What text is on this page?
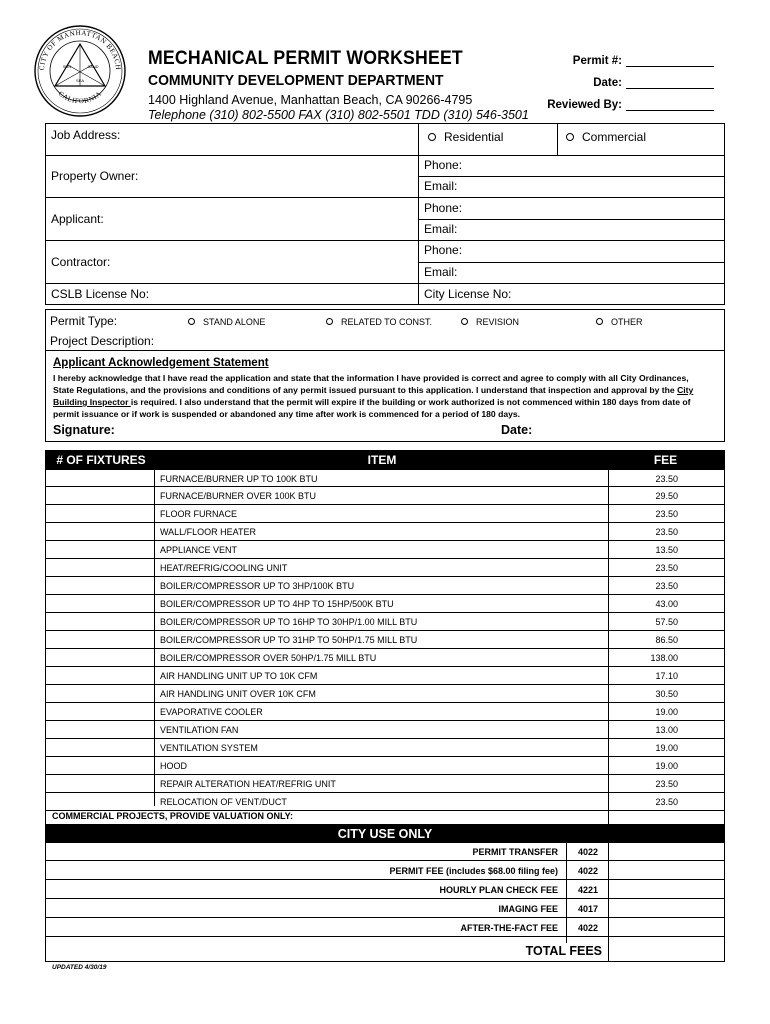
CITY OF MANHATTAN BEACH
CALIFORNIA
SUN	SAND
SEA
MECHANICAL PERMIT WORKSHEET
COMMUNITY DEVELOPMENT DEPARTMENT
1400 Highland Avenue, Manhattan Beach, CA 90266-4795
Telephone (310) 802-5500 FAX (310) 802-5501 TDD (310) 546-3501
Permit #:
Date:
Reviewed By:
Job Address:	Residential	Commercial
Property Owner:
Phone:
Email:
Applicant:
Phone:
Email:
Contractor:
Phone:
Email:
CSLB License No:	City License No:
Permit Type:	STAND ALONE	RELATED TO CONST.	REVISION	OTHER
Project Description:
Applicant Acknowledgement Statement
I hereby acknowledge that I have read the application and state that the information I have provided is correct and agree to comply with all City Ordinances,
State Regulations, and the provisions and conditions of any permit issued pursuant to this application. I understand that inspection and approval by the City
Building Inspector is required. I also understand that the permit will expire if the building or work authorized is not commenced within 180 days from date of
permit issuance or if work is suspended or abandoned any time after work is commenced for a period of 180 days.
Signature:	Date:
# OF FIXTURES	ITEM	FEE
FURNACE/BURNER UP TO 100K BTU	23.50
FURNACE/BURNER OVER 100K BTU	29.50
FLOOR FURNACE	23.50
WALL/FLOOR HEATER	23.50
APPLIANCE VENT	13.50
HEAT/REFRIG/COOLING UNIT	23.50
BOILER/COMPRESSOR UP TO 3HP/100K BTU	23.50
BOILER/COMPRESSOR UP TO 4HP TO 15HP/500K BTU	43.00
BOILER/COMPRESSOR UP TO 16HP TO 30HP/1.00 MILL BTU	57.50
BOILER/COMPRESSOR UP TO 31HP TO 50HP/1.75 MILL BTU	86.50
BOILER/COMPRESSOR OVER 50HP/1.75 MILL BTU	138.00
AIR HANDLING UNIT UP TO 10K CFM	17.10
AIR HANDLING UNIT OVER 10K CFM	30.50
EVAPORATIVE COOLER	19.00
VENTILATION FAN	13.00
VENTILATION SYSTEM	19.00
HOOD	19.00
REPAIR ALTERATION HEAT/REFRIG UNIT	23.50
RELOCATION OF VENT/DUCT	23.50
COMMERCIAL PROJECTS, PROVIDE VALUATION ONLY:
CITY USE ONLY
PERMIT TRANSFER	4022
PERMIT FEE (includes $68.00 filing fee)	4022
HOURLY PLAN CHECK FEE	4221
IMAGING FEE	4017
AFTER-THE-FACT FEE	4022
TOTAL FEES
UPDATED 4/30/19
